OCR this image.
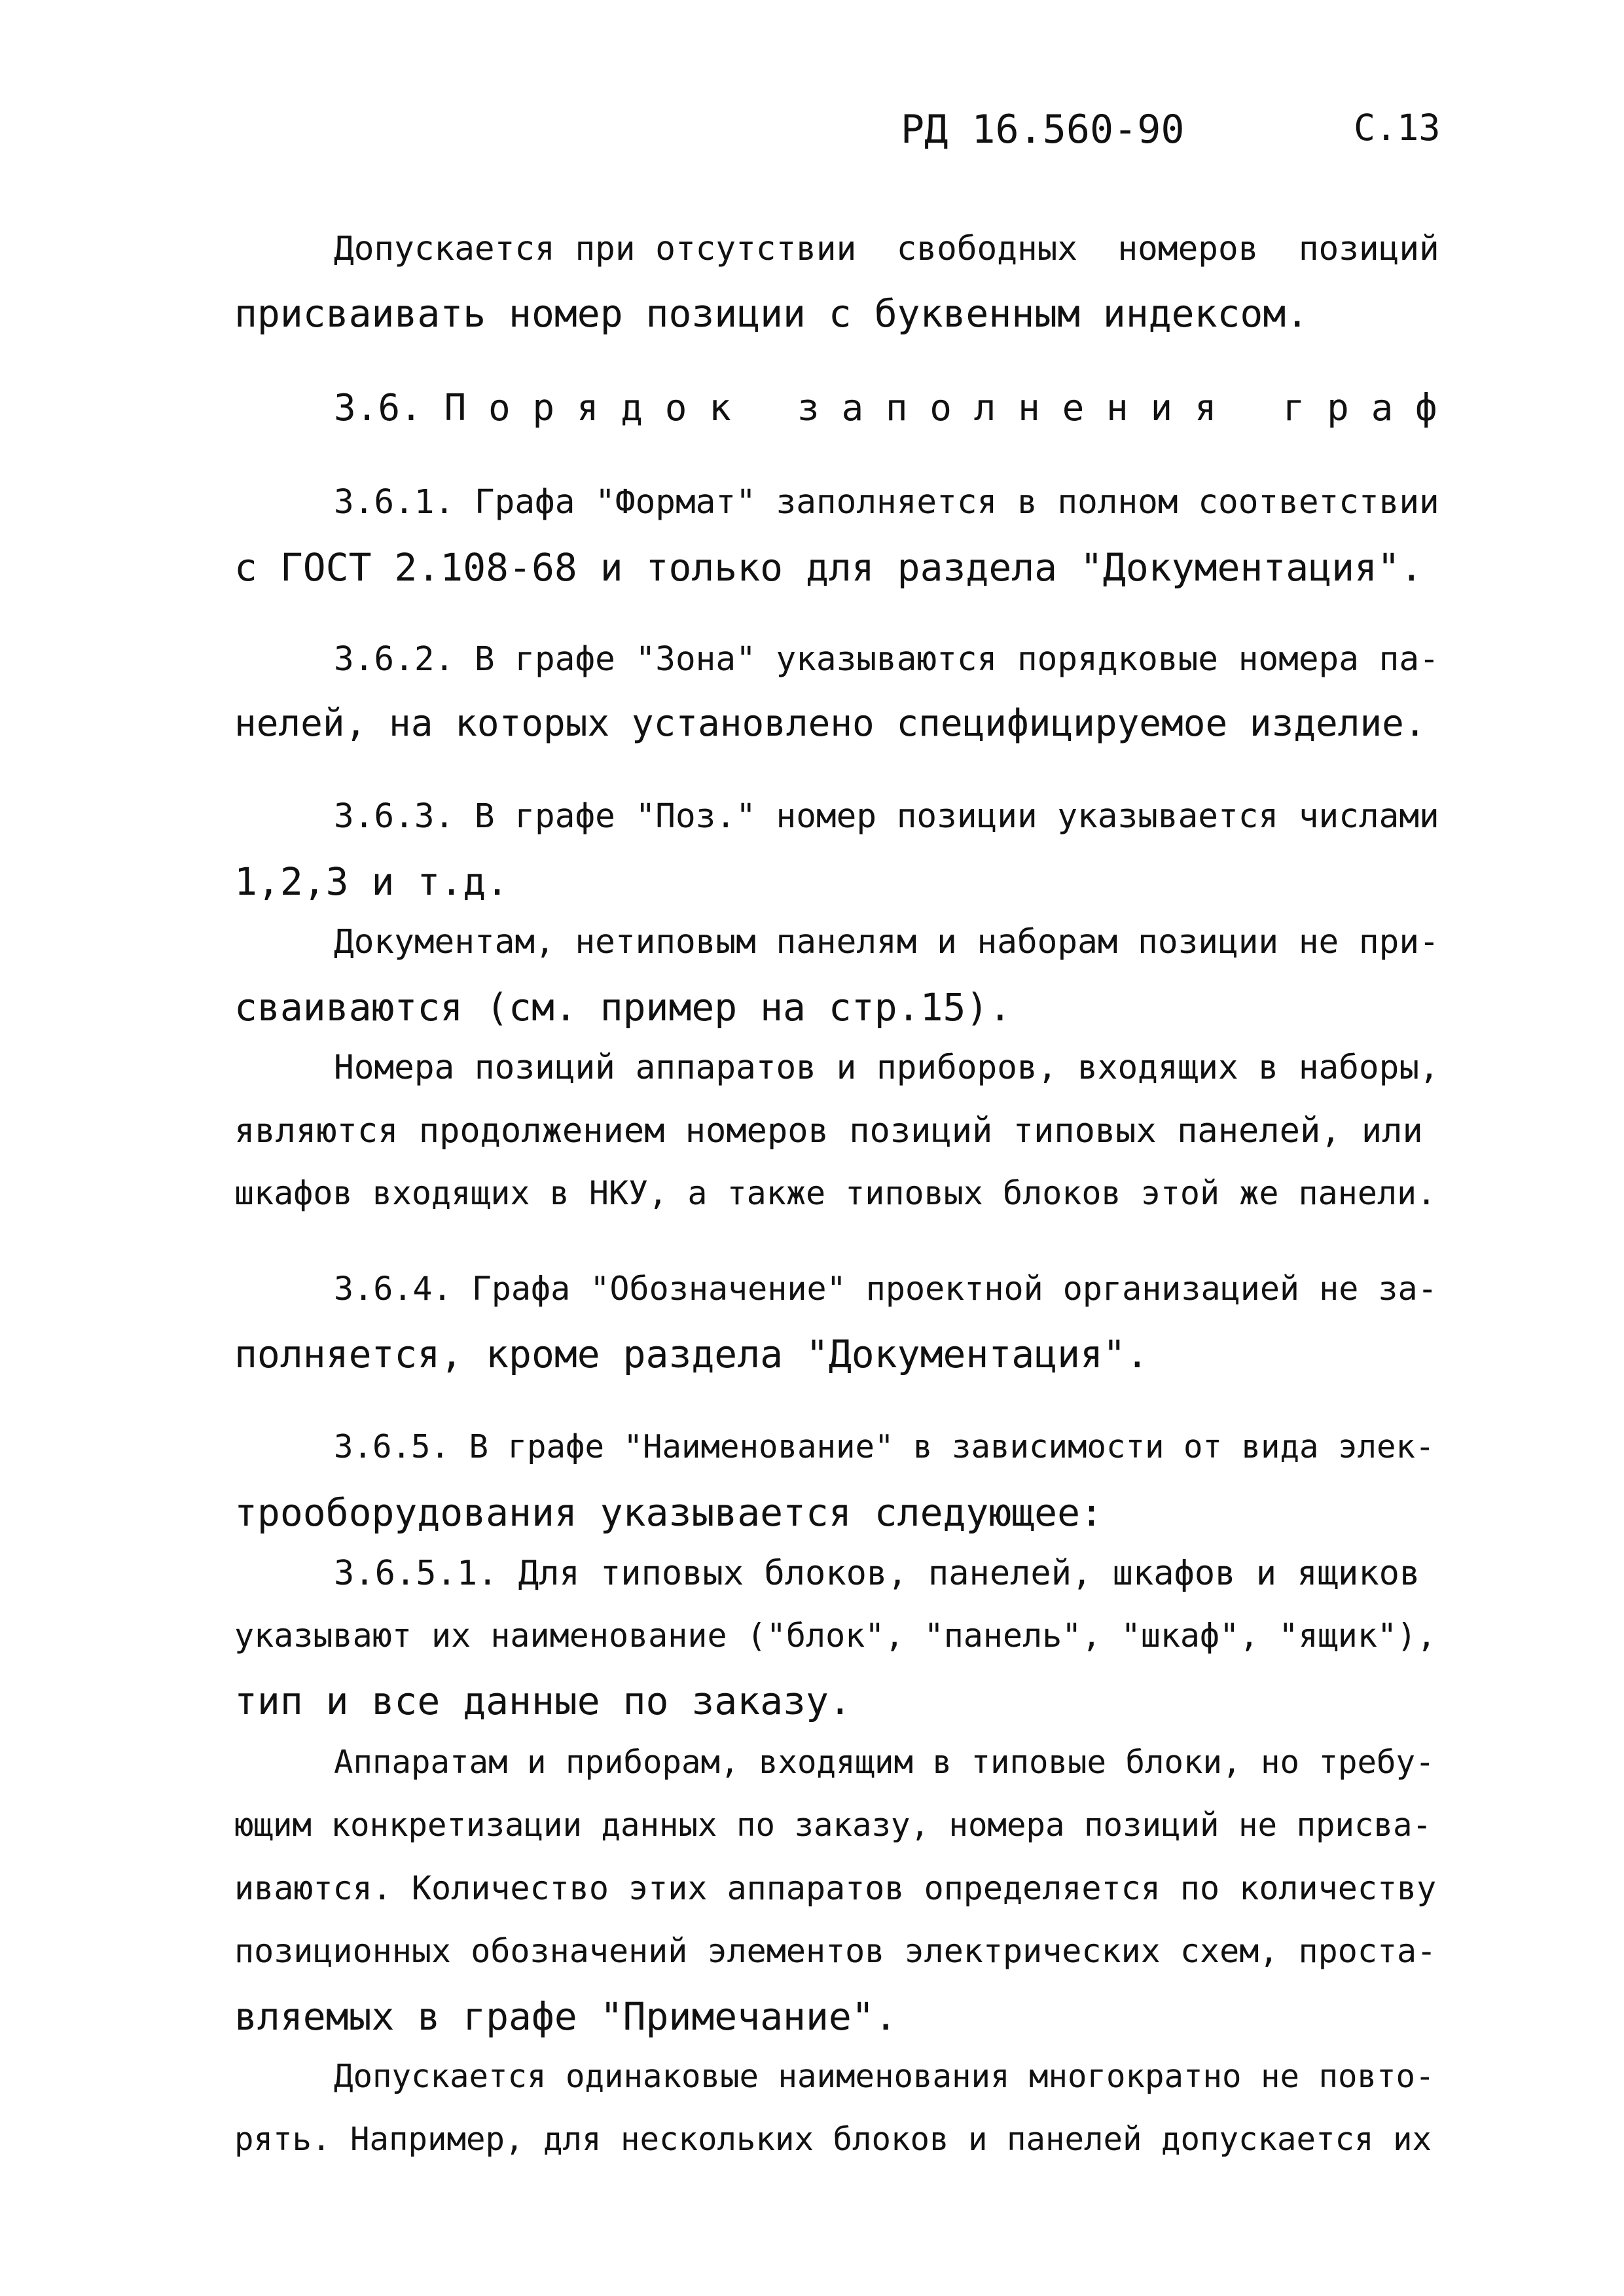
РД 16.560-90	С.13
Допускается при отсутствии  свободных  номеров  позиций
присваивать номер позиции с буквенным индексом.
3.6. П о р я д о к   з а п о л н е н и я   г р а ф
3.6.1. Графа "Формат" заполняется в полном соответствии
с ГОСТ 2.108-68 и только для раздела "Документация".
3.6.2. В графе "Зона" указываются порядковые номера па-
нелей, на которых установлено специфицируемое изделие.
3.6.3. В графе "Поз." номер позиции указывается числами
1,2,3 и т.д.
Документам, нетиповым панелям и наборам позиции не при-
сваиваются (см. пример на стр.15).
Номера позиций аппаратов и приборов, входящих в наборы,
являются продолжением номеров позиций типовых панелей, или
шкафов входящих в НКУ, а также типовых блоков этой же панели.
3.6.4. Графа "Обозначение" проектной организацией не за-
полняется, кроме раздела "Документация".
3.6.5. В графе "Наименование" в зависимости от вида элек-
трооборудования указывается следующее:
3.6.5.1. Для типовых блоков, панелей, шкафов и ящиков
указывают их наименование ("блок", "панель", "шкаф", "ящик"),
тип и все данные по заказу.
Аппаратам и приборам, входящим в типовые блоки, но требу-
ющим конкретизации данных по заказу, номера позиций не присва-
иваются. Количество этих аппаратов определяется по количеству
позиционных обозначений элементов электрических схем, проста-
вляемых в графе "Примечание".
Допускается одинаковые наименования многократно не повто-
рять. Например, для нескольких блоков и панелей допускается их
